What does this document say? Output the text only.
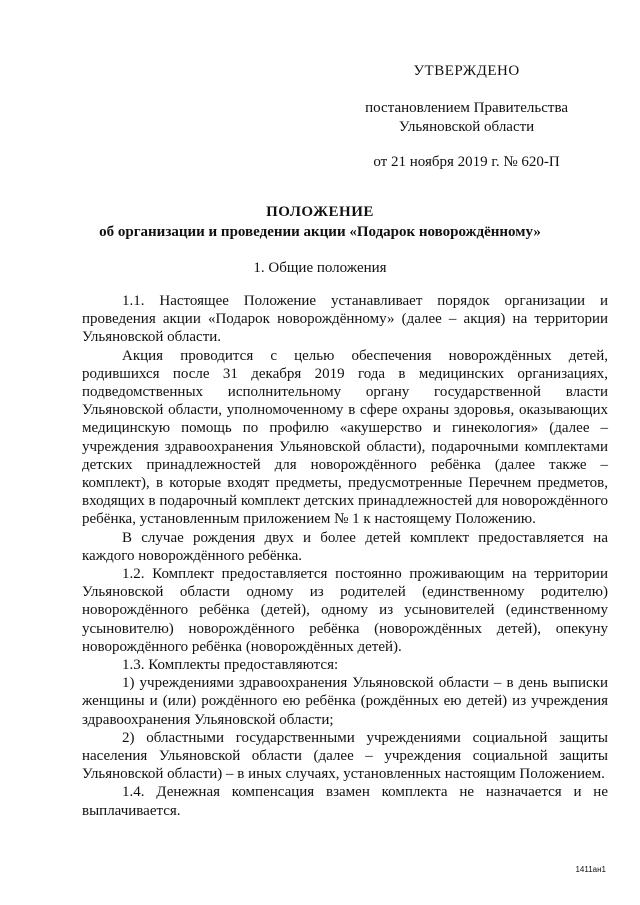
УТВЕРЖДЕНО
постановлением Правительства
Ульяновской области
от 21 ноября 2019 г. № 620-П
ПОЛОЖЕНИЕ
об организации и проведении акции «Подарок новорождённому»
1. Общие положения

1.1. Настоящее Положение устанавливает порядок организации и проведения акции «Подарок новорождённому» (далее – акция) на территории Ульяновской области.

Акция проводится с целью обеспечения новорождённых детей, родившихся после 31 декабря 2019 года в медицинских организациях, подведомственных исполнительному органу государственной власти Ульяновской области, уполномоченному в сфере охраны здоровья, оказывающих медицинскую помощь по профилю «акушерство и гинекология» (далее – учреждения здравоохранения Ульяновской области), подарочными комплектами детских принадлежностей для новорождённого ребёнка (далее также – комплект), в которые входят предметы, предусмотренные Перечнем предметов, входящих в подарочный комплект детских принадлежностей для новорождённого ребёнка, установленным приложением № 1 к настоящему Положению.

В случае рождения двух и более детей комплект предоставляется на каждого новорождённого ребёнка.

1.2. Комплект предоставляется постоянно проживающим на территории Ульяновской области одному из родителей (единственному родителю) новорождённого ребёнка (детей), одному из усыновителей (единственному усыновителю) новорождённого ребёнка (новорождённых детей), опекуну новорождённого ребёнка (новорождённых детей).

1.3. Комплекты предоставляются:

1) учреждениями здравоохранения Ульяновской области – в день выписки женщины и (или) рождённого ею ребёнка (рождённых ею детей) из учреждения здравоохранения Ульяновской области;

2) областными государственными учреждениями социальной защиты населения Ульяновской области (далее – учреждения социальной защиты Ульяновской области) – в иных случаях, установленных настоящим Положением.

1.4. Денежная компенсация взамен комплекта не назначается и не выплачивается.

1411ан1
